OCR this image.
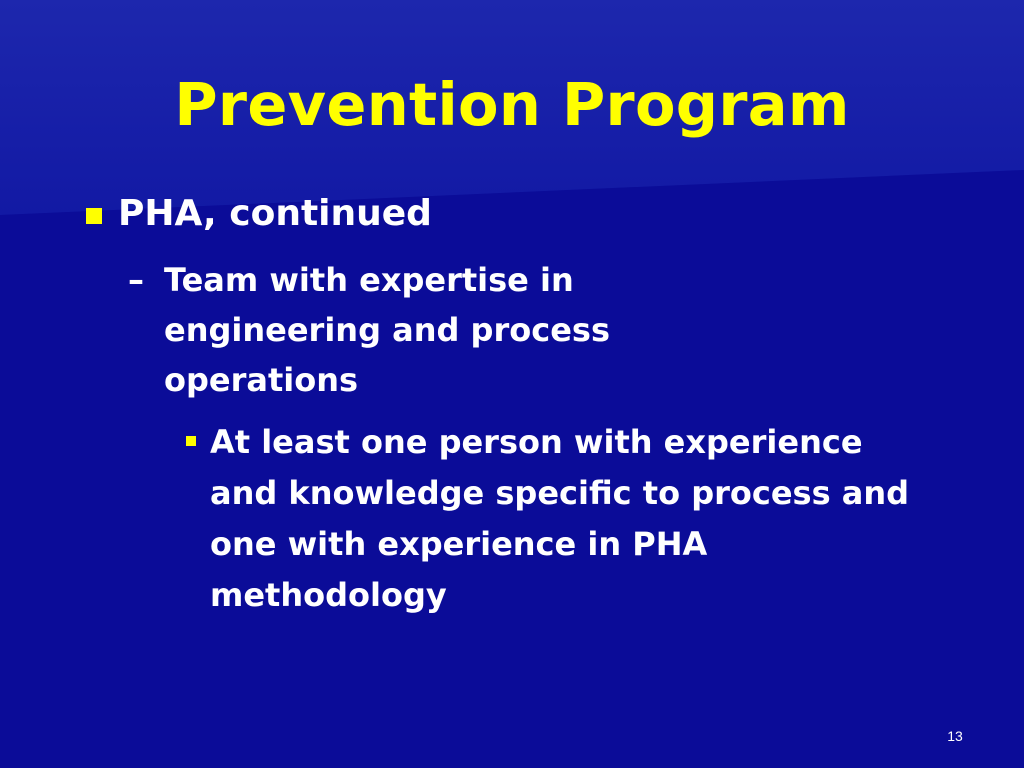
Prevention Program
PHA, continued
– Team with expertise in engineering and process operations
At least one person with experience and knowledge specific to process and one with experience in PHA methodology
13
